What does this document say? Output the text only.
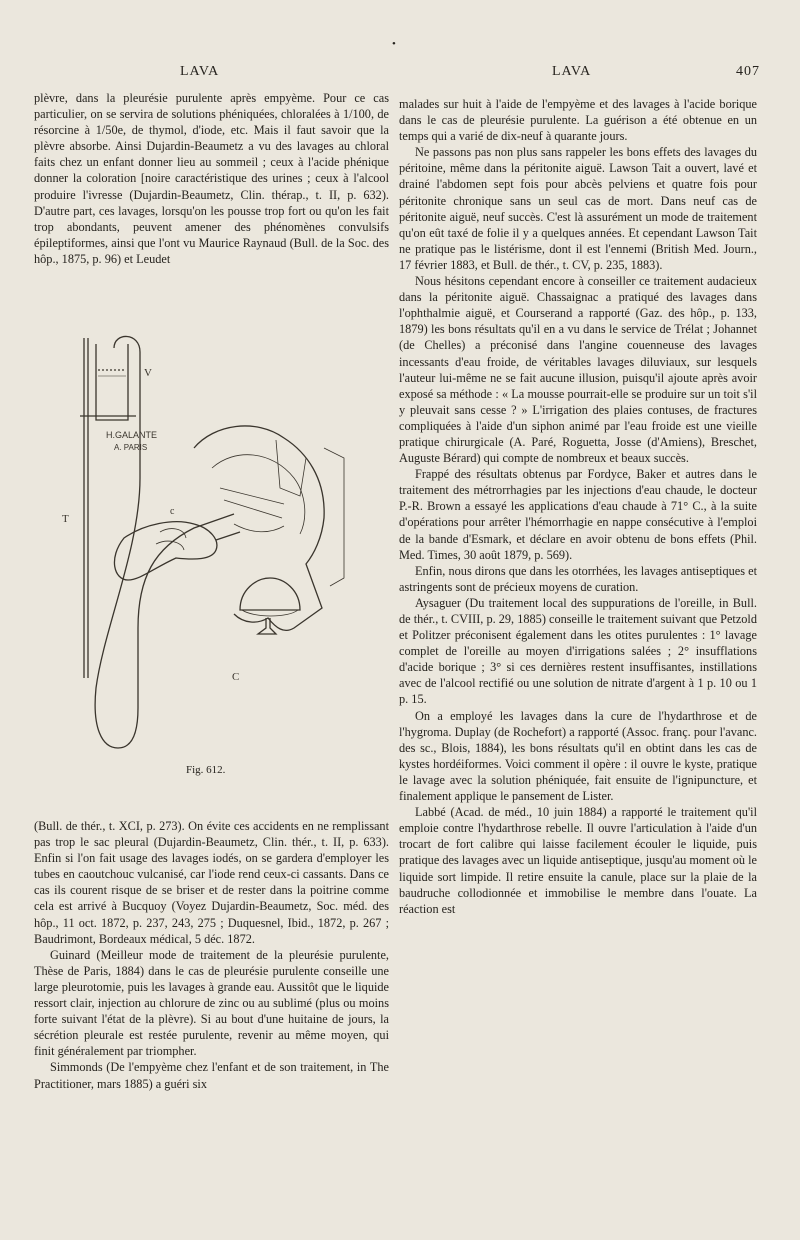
•
LAVA	LAVA	407

plèvre, dans la pleurésie purulente après empyème. Pour ce cas particulier, on se servira de solutions phéniquées, chloralées à 1/100, de résorcine à 1/50e, de thymol, d'iode, etc. Mais il faut savoir que la plèvre absorbe. Ainsi Dujardin-Beaumetz a vu des lavages au chloral faits chez un enfant donner lieu au sommeil ; ceux à l'acide phénique donner la coloration [noire caractéristique des urines ; ceux à l'alcool produire l'ivresse (Dujardin-Beaumetz, Clin. thérap., t. II, p. 632). D'autre part, ces lavages, lorsqu'on les pousse trop fort ou qu'on les fait trop abondants, peuvent amener des phénomènes convulsifs épileptiformes, ainsi que l'ont vu Maurice Raynaud (Bull. de la Soc. des hôp., 1875, p. 96) et Leudet

V
T
C
c
H.GALANTE
A. PARIS
Fig. 612.

(Bull. de thér., t. XCI, p. 273). On évite ces accidents en ne remplissant pas trop le sac pleural (Dujardin-Beaumetz, Clin. thér., t. II, p. 633). Enfin si l'on fait usage des lavages iodés, on se gardera d'employer les tubes en caoutchouc vulcanisé, car l'iode rend ceux-ci cassants. Dans ce cas ils courent risque de se briser et de rester dans la poitrine comme cela est arrivé à Bucquoy (Voyez Dujardin-Beaumetz, Soc. méd. des hôp., 11 oct. 1872, p. 237, 243, 275 ; Duquesnel, Ibid., 1872, p. 267 ; Baudrimont, Bordeaux médical, 5 déc. 1872.

Guinard (Meilleur mode de traitement de la pleurésie purulente, Thèse de Paris, 1884) dans le cas de pleurésie purulente conseille une large pleurotomie, puis les lavages à grande eau. Aussitôt que le liquide ressort clair, injection au chlorure de zinc ou au sublimé (plus ou moins forte suivant l'état de la plèvre). Si au bout d'une huitaine de jours, la sécrétion pleurale est restée purulente, revenir au même moyen, qui finit généralement par triompher.

Simmonds (De l'empyème chez l'enfant et de son traitement, in The Practitioner, mars 1885) a guéri six

malades sur huit à l'aide de l'empyème et des lavages à l'acide borique dans le cas de pleurésie purulente. La guérison a été obtenue en un temps qui a varié de dix-neuf à quarante jours.

Ne passons pas non plus sans rappeler les bons effets des lavages du péritoine, même dans la péritonite aiguë. Lawson Tait a ouvert, lavé et drainé l'abdomen sept fois pour abcès pelviens et quatre fois pour péritonite chronique sans un seul cas de mort. Dans neuf cas de péritonite aiguë, neuf succès. C'est là assurément un mode de traitement qu'on eût taxé de folie il y a quelques années. Et cependant Lawson Tait ne pratique pas le listérisme, dont il est l'ennemi (British Med. Journ., 17 février 1883, et Bull. de thér., t. CV, p. 235, 1883).

Nous hésitons cependant encore à conseiller ce traitement audacieux dans la péritonite aiguë. Chassaignac a pratiqué des lavages dans l'ophthalmie aiguë, et Courserand a rapporté (Gaz. des hôp., p. 133, 1879) les bons résultats qu'il en a vu dans le service de Trélat ; Johannet (de Chelles) a préconisé dans l'angine couenneuse des lavages incessants d'eau froide, de véritables lavages diluviaux, sur lesquels l'auteur lui-même ne se fait aucune illusion, puisqu'il ajoute après avoir exposé sa méthode : « La mousse pourrait-elle se produire sur un toit s'il y pleuvait sans cesse ? » L'irrigation des plaies contuses, de fractures compliquées à l'aide d'un siphon animé par l'eau froide est une vieille pratique chirurgicale (A. Paré, Roguetta, Josse (d'Amiens), Breschet, Auguste Bérard) qui compte de nombreux et beaux succès.

Frappé des résultats obtenus par Fordyce, Baker et autres dans le traitement des métrorrhagies par les injections d'eau chaude, le docteur P.-R. Brown a essayé les applications d'eau chaude à 71° C., à la suite d'opérations pour arrêter l'hémorrhagie en nappe consécutive à l'emploi de la bande d'Esmark, et déclare en avoir obtenu de bons effets (Phil. Med. Times, 30 août 1879, p. 569).

Enfin, nous dirons que dans les otorrhées, les lavages antiseptiques et astringents sont de précieux moyens de curation.

Aysaguer (Du traitement local des suppurations de l'oreille, in Bull. de thér., t. CVIII, p. 29, 1885) conseille le traitement suivant que Petzold et Politzer préconisent également dans les otites purulentes : 1° lavage complet de l'oreille au moyen d'irrigations salées ; 2° insufflations d'acide borique ; 3° si ces dernières restent insuffisantes, instillations avec de l'alcool rectifié ou une solution de nitrate d'argent à 1 p. 10 ou 1 p. 15.

On a employé les lavages dans la cure de l'hydarthrose et de l'hygroma. Duplay (de Rochefort) a rapporté (Assoc. franç. pour l'avanc. des sc., Blois, 1884), les bons résultats qu'il en obtint dans les cas de kystes hordéiformes. Voici comment il opère : il ouvre le kyste, pratique le lavage avec la solution phéniquée, fait ensuite de l'ignipuncture, et finalement applique le pansement de Lister.

Labbé (Acad. de méd., 10 juin 1884) a rapporté le traitement qu'il emploie contre l'hydarthrose rebelle. Il ouvre l'articulation à l'aide d'un trocart de fort calibre qui laisse facilement écouler le liquide, puis pratique des lavages avec un liquide antiseptique, jusqu'au moment où le liquide sort limpide. Il retire ensuite la canule, place sur la plaie de la baudruche collodionnée et immobilise le membre dans l'ouate. La réaction est
